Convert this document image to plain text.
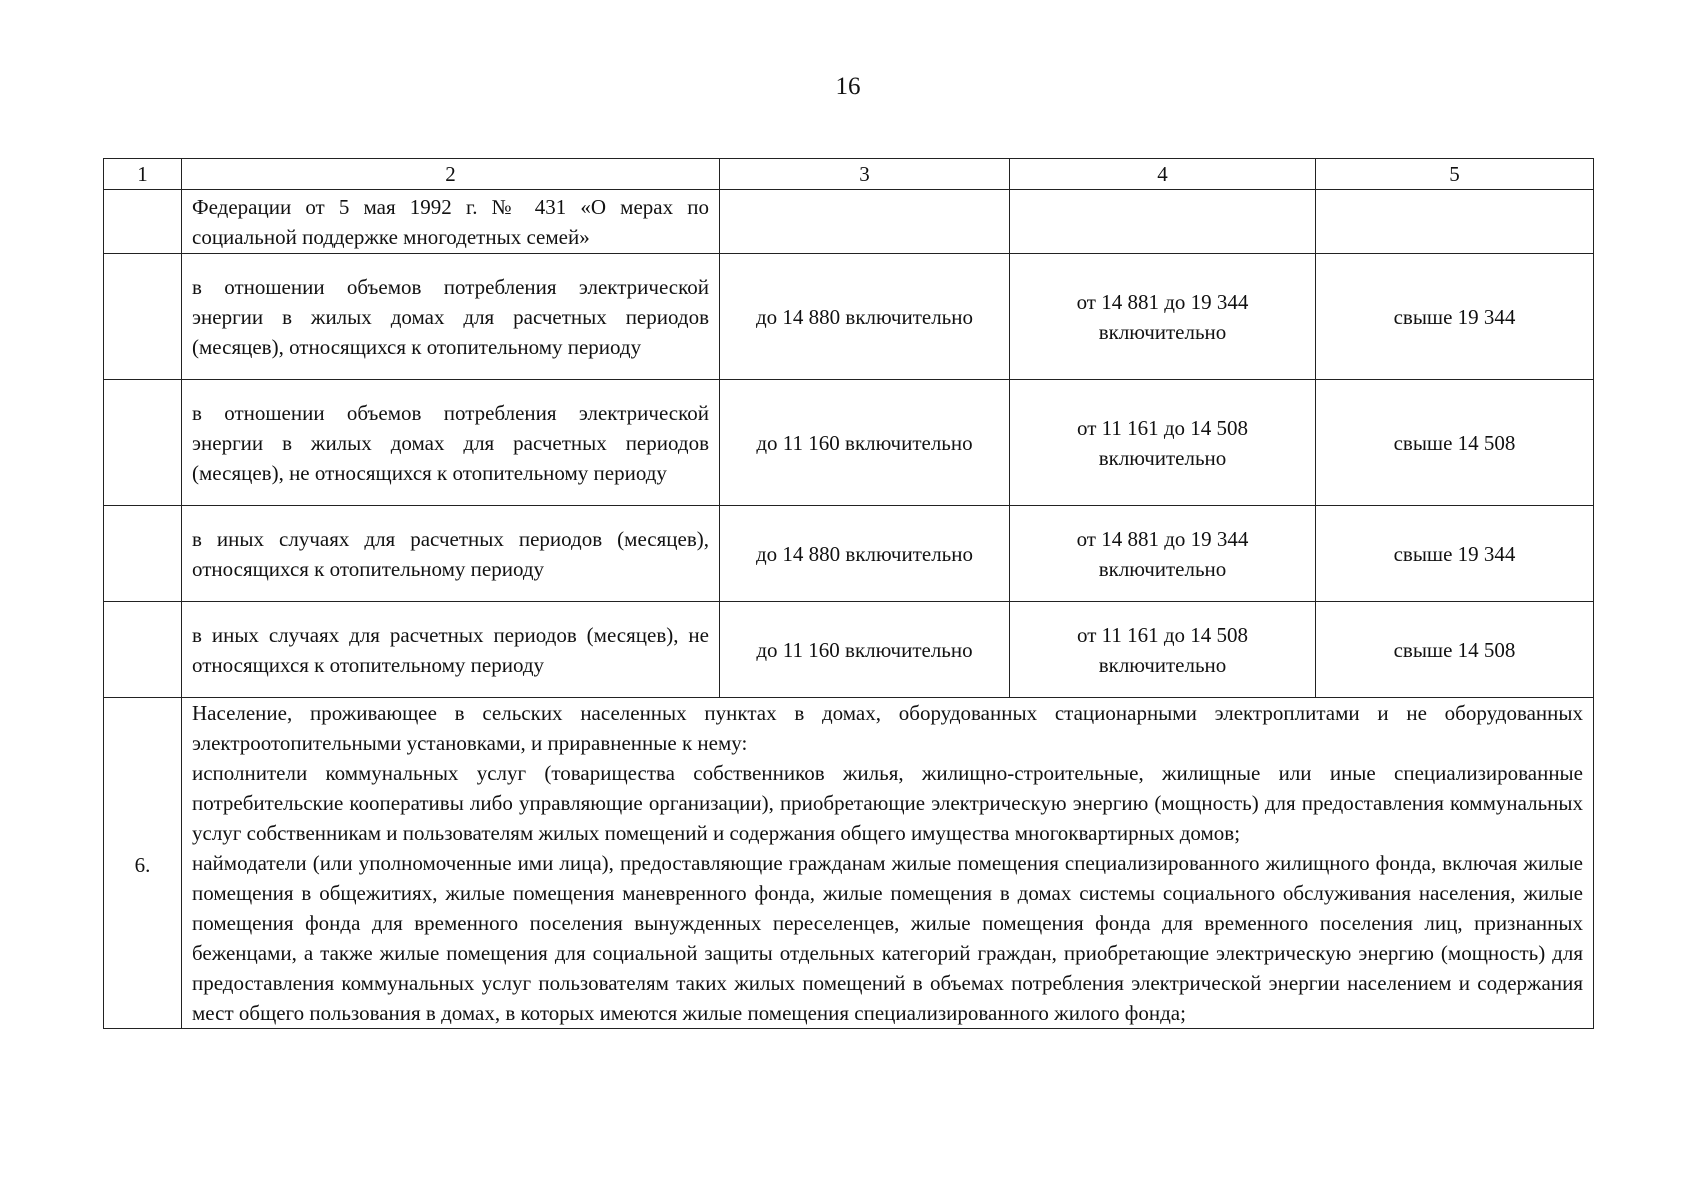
16
1	2	3	4	5
	Федерации от 5 мая 1992 г. № 431 «О мерах по социальной поддержке многодетных семей»			
	в отношении объемов потребления электрической энергии в жилых домах для расчетных периодов (месяцев), относящихся к отопительному периоду	до 14 880 включительно	от 14 881 до 19 344 включительно	свыше 19 344
	в отношении объемов потребления электрической энергии в жилых домах для расчетных периодов (месяцев), не относящихся к отопительному периоду	до 11 160 включительно	от 11 161 до 14 508 включительно	свыше 14 508
	в иных случаях для расчетных периодов (месяцев), относящихся к отопительному периоду	до 14 880 включительно	от 14 881 до 19 344 включительно	свыше 19 344
	в иных случаях для расчетных периодов (месяцев), не относящихся к отопительному периоду	до 11 160 включительно	от 11 161 до 14 508 включительно	свыше 14 508
6.	Население, проживающее в сельских населенных пунктах в домах, оборудованных стационарными электроплитами и не оборудованных электроотопительными установками, и приравненные к нему:

исполнители коммунальных услуг (товарищества собственников жилья, жилищно-строительные, жилищные или иные специализированные потребительские кооперативы либо управляющие организации), приобретающие электрическую энергию (мощность) для предоставления коммунальных услуг собственникам и пользователям жилых помещений и содержания общего имущества многоквартирных домов;

наймодатели (или уполномоченные ими лица), предоставляющие гражданам жилые помещения специализированного жилищного фонда, включая жилые помещения в общежитиях, жилые помещения маневренного фонда, жилые помещения в домах системы социального обслуживания населения, жилые помещения фонда для временного поселения вынужденных переселенцев, жилые помещения фонда для временного поселения лиц, признанных беженцами, а также жилые помещения для социальной защиты отдельных категорий граждан, приобретающие электрическую энергию (мощность) для предоставления коммунальных услуг пользователям таких жилых помещений в объемах потребления электрической энергии населением и содержания мест общего пользования в домах, в которых имеются жилые помещения специализированного жилого фонда;			
